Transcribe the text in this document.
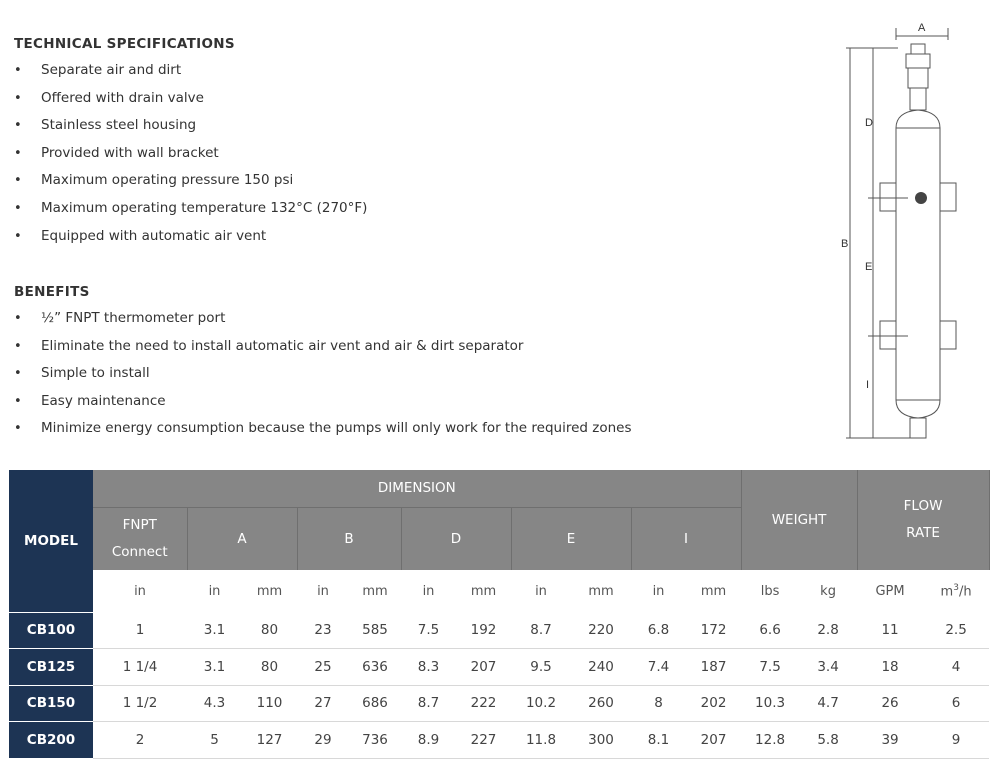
TECHNICAL SPECIFICATIONS
• Separate air and dirt
• Offered with drain valve
• Stainless steel housing
• Provided with wall bracket
• Maximum operating pressure 150 psi
• Maximum operating temperature 132°C (270°F)
• Equipped with automatic air vent
BENEFITS
• ½” FNPT thermometer port
• Eliminate the need to install automatic air vent and air & dirt separator
• Simple to install
• Easy maintenance
• Minimize energy consumption because the pumps will only work for the required zones
A
B
D
E
I
MODEL	DIMENSION											WEIGHT		FLOW
RATE	

	FNPT
Connect	A		B		D		E		I					
	in	in	mm	in	mm	in	mm	in	mm	in	mm	lbs	kg	GPM	$m^3/h$
CB100	1	3.1	80	23	585	7.5	192	8.7	220	6.8	172	6.6	2.8	11	2.5
CB125	1 1/4	3.1	80	25	636	8.3	207	9.5	240	7.4	187	7.5	3.4	18	4
CB150	1 1/2	4.3	110	27	686	8.7	222	10.2	260	8	202	10.3	4.7	26	6
CB200	2	5	127	29	736	8.9	227	11.8	300	8.1	207	12.8	5.8	39	9
